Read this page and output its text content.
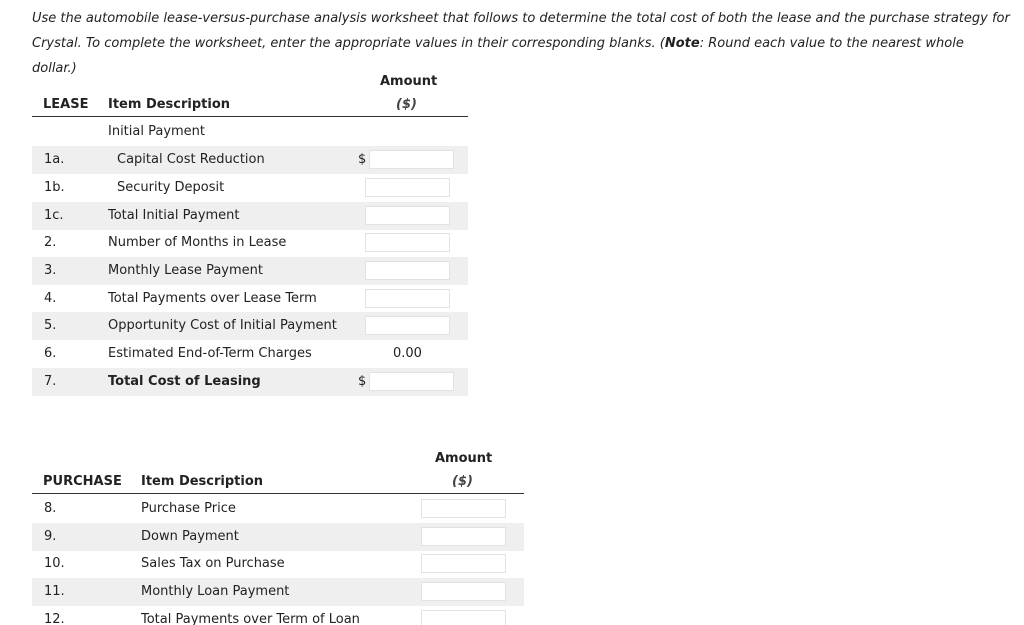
Use the automobile lease-versus-purchase analysis worksheet that follows to determine the total cost of both the lease and the purchase strategy for Crystal. To complete the worksheet, enter the appropriate values in their corresponding blanks. (Note: Round each value to the nearest whole dollar.)
Amount
LEASE Item Description	($)
Initial Payment
1a.	Capital Cost Reduction	$
1b.	Security Deposit
1c.	Total Initial Payment
2.	Number of Months in Lease
3.	Monthly Lease Payment
4.	Total Payments over Lease Term
5.	Opportunity Cost of Initial Payment
6.	Estimated End-of-Term Charges	0.00
7.	Total Cost of Leasing	$
Amount
PURCHASE Item Description	($)
8.	Purchase Price
9.	Down Payment
10.	Sales Tax on Purchase
11.	Monthly Loan Payment
12.	Total Payments over Term of Loan
